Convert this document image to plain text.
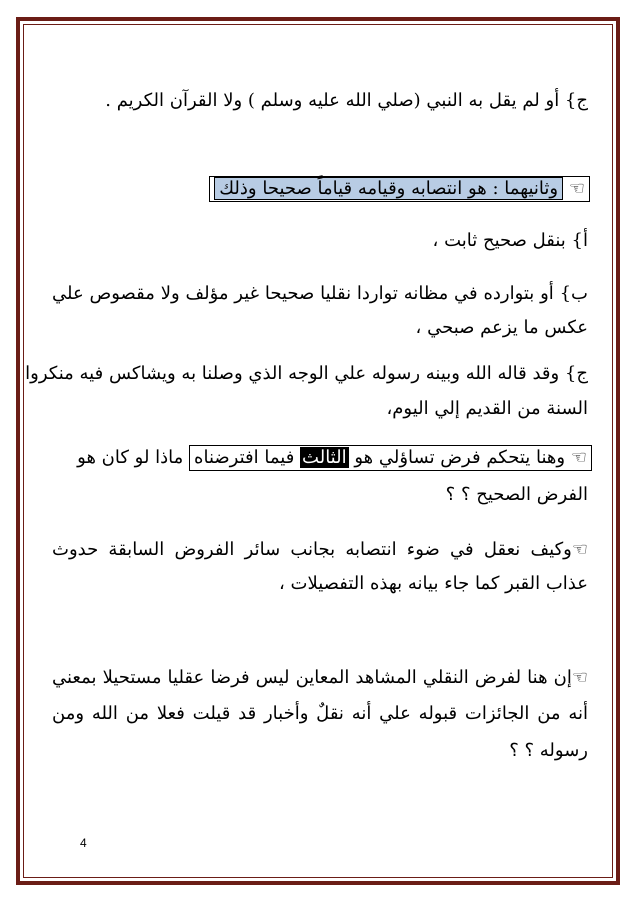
ج} أو لم يقل به النبي (صلي الله عليه وسلم ) ولا القرآن الكريم .
☜ وثانيهما : هو انتصابه وقيامه قياماً صحيحا وذلك
أ} بنقل صحيح ثابت ،
ب} أو بتوارده في مظانه تواردا نقليا صحيحا غير مؤلف ولا مقصوص علي
عكس ما يزعم صبحي ،
ج} وقد قاله الله وبينه رسوله علي الوجه الذي وصلنا به ويشاكس فيه منكروا
السنة من القديم إلي اليوم،
☜ وهنا يتحكم فرض تساؤلي هو الثالث فيما افترضناه ماذا لو كان هو
الفرض الصحيح ؟ ؟
☜وكيف نعقل في ضوء انتصابه بجانب سائر الفروض السابقة حدوث
عذاب القبر كما جاء بيانه بهذه التفصيلات ،
☜إن هنا لفرض النقلي المشاهد المعاين ليس فرضا عقليا مستحيلا بمعني
أنه من الجائزات قبوله علي أنه نقلٌ وأخبار قد قيلت فعلا من الله ومن
رسوله ؟ ؟
4
